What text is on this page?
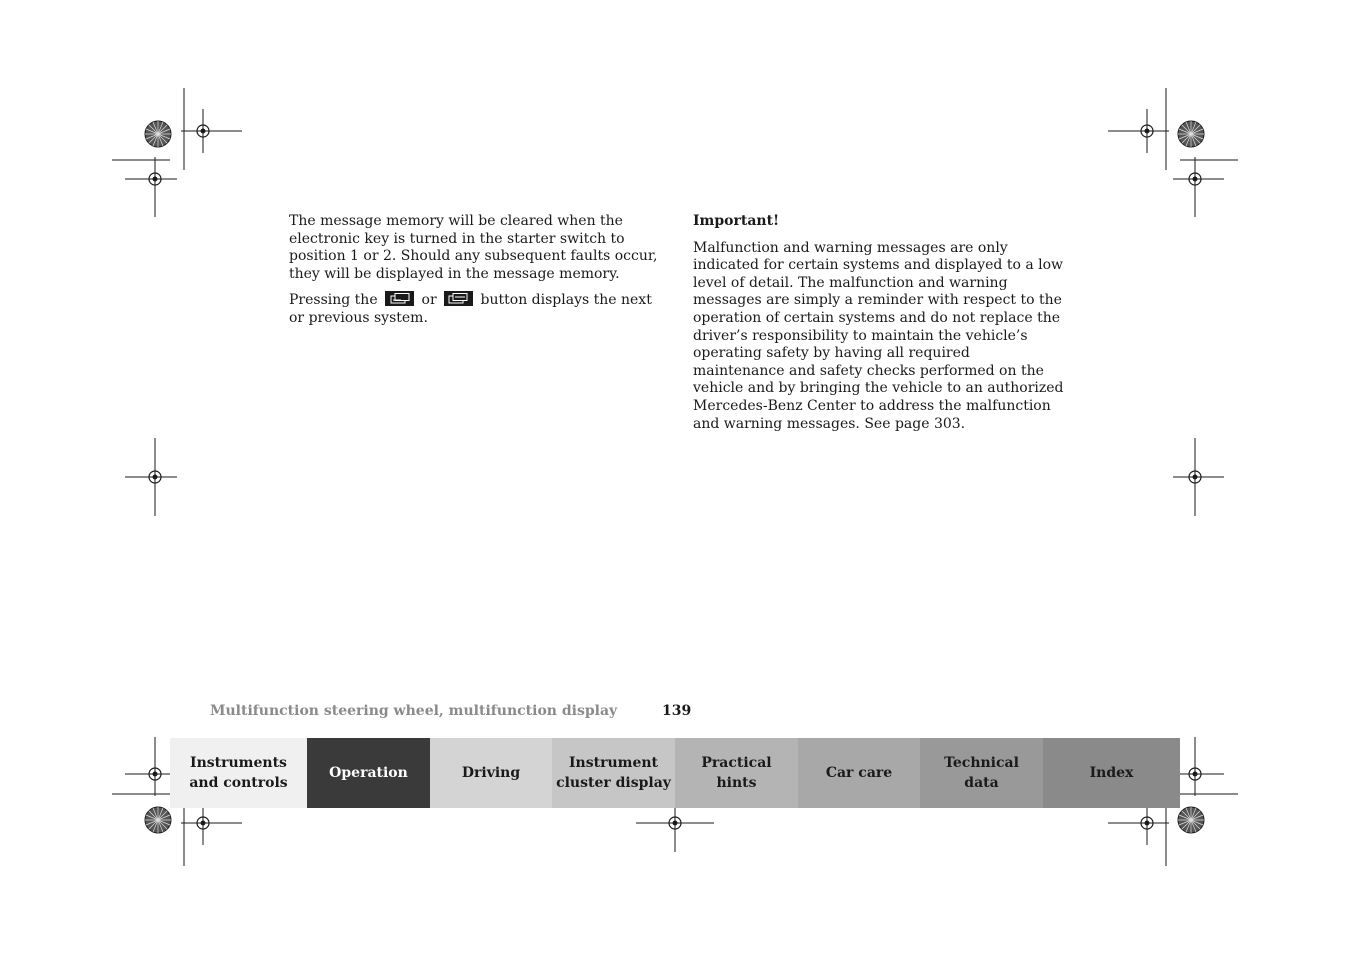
The message memory will be cleared when the electronic key is turned in the starter switch to position 1 or 2. Should any subsequent faults occur, they will be displayed in the message memory.

Pressing the	or	button displays the next or previous system.

Important!

Malfunction and warning messages are only indicated for certain systems and displayed to a low level of detail. The malfunction and warning messages are simply a reminder with respect to the operation of certain systems and do not replace the driver’s responsibility to maintain the vehicle’s operating safety by having all required maintenance and safety checks performed on the vehicle and by bringing the vehicle to an authorized Mercedes-Benz Center to address the malfunction and warning messages. See page 303.

Multifunction steering wheel, multifunction display	139
Instruments
and controls
Operation	Driving
Instrument
cluster display
Practical hints
Car care
Technical
data
Index
